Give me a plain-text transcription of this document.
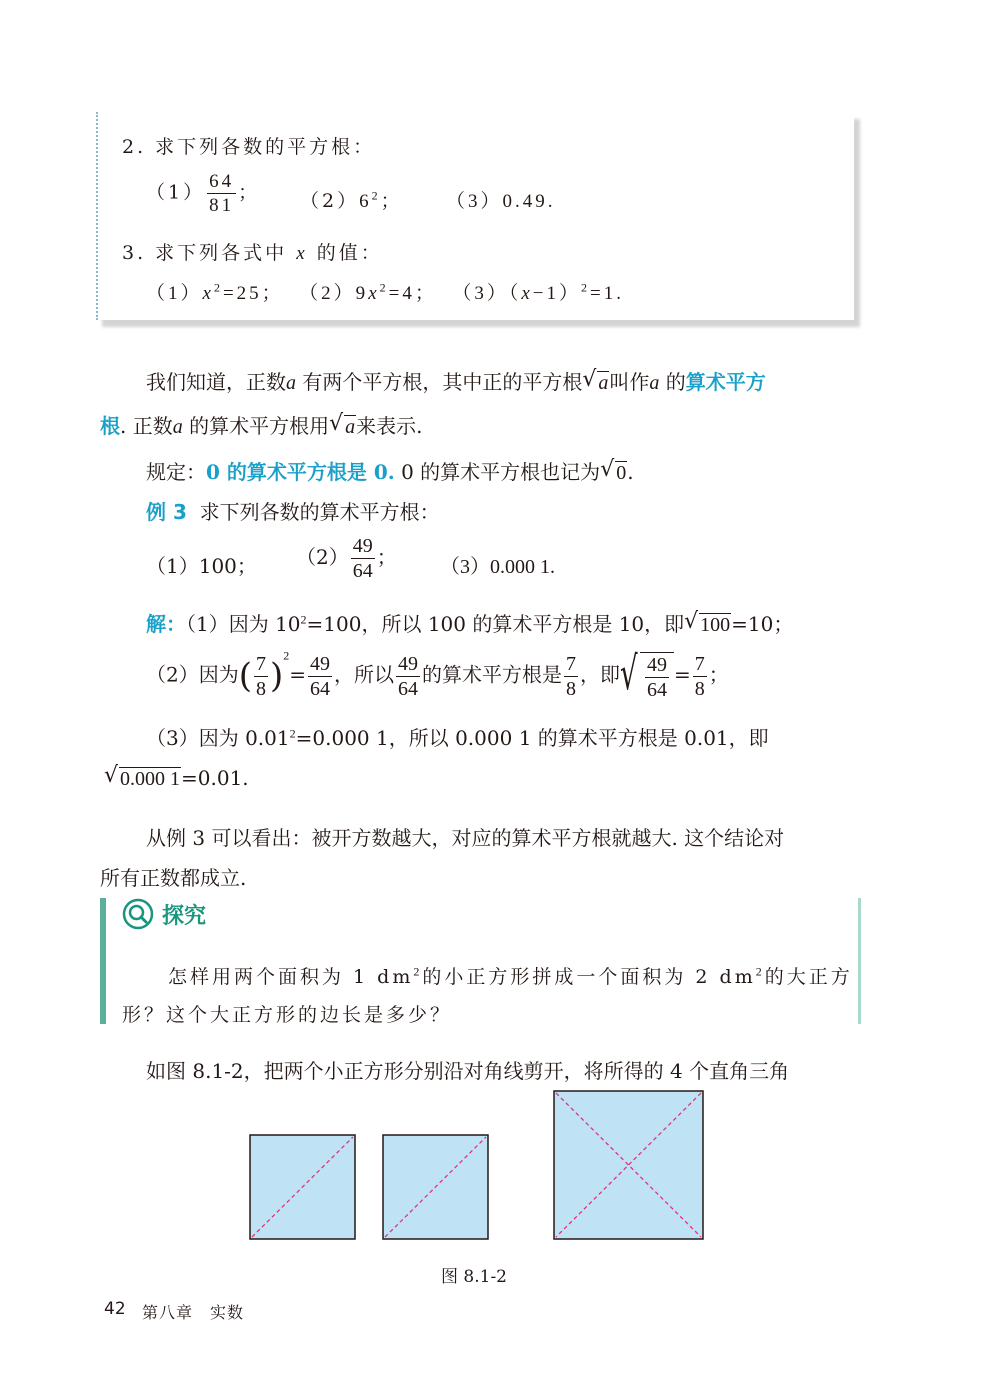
2. 求下列各数的平方根：
$(1) \frac{64}{81}$ ； $(2)6^2$； （3）0.49.
3. 求下列各式中 x 的值：
$(1)x^2=25$； $(2)9x^2=4$； $(3)(x-1)^2=1$.
我们知道，正数a 有两个平方根，其中正的平方根 √ a叫作a 的算术平方
根. 正数a 的算术平方根用 √ a来表示.
规定：0 的算术平方根是 0. 0 的算术平方根也记为 √ 0.
例 3 求下列各数的算术平方根：
（1）100； $(2) \frac{49}{64}$ ； （3）0.000 1.
解：（1）因为 $10^2=100$，所以 100 的算术平方根是 10，即 √ 100=10；
（2）因为( $\frac{7}{8} )^2= \frac{49}{64}$ ，所以 $\frac{49}{64}$ 的算术平方根是 $\frac{7}{8}$ ，即 √ $\frac{49}{64} = \frac{7}{8}$ ；
（3）因为 $0.01^2=0.000$ 1，所以 0.000 1 的算术平方根是 0.01，即
√ 0.000 1=0.01.
从例 3 可以看出：被开方数越大，对应的算术平方根就越大. 这个结论对
所有正数都成立.
探究
怎样用两个面积为 1 $dm^2$的小正方形拼成一个面积为 2 $dm^2$的大正方
形？这个大正方形的边长是多少？
如图 8.1-2，把两个小正方形分别沿对角线剪开，将所得的 4 个直角三角
图 8.1-2
42 第八章　实数
